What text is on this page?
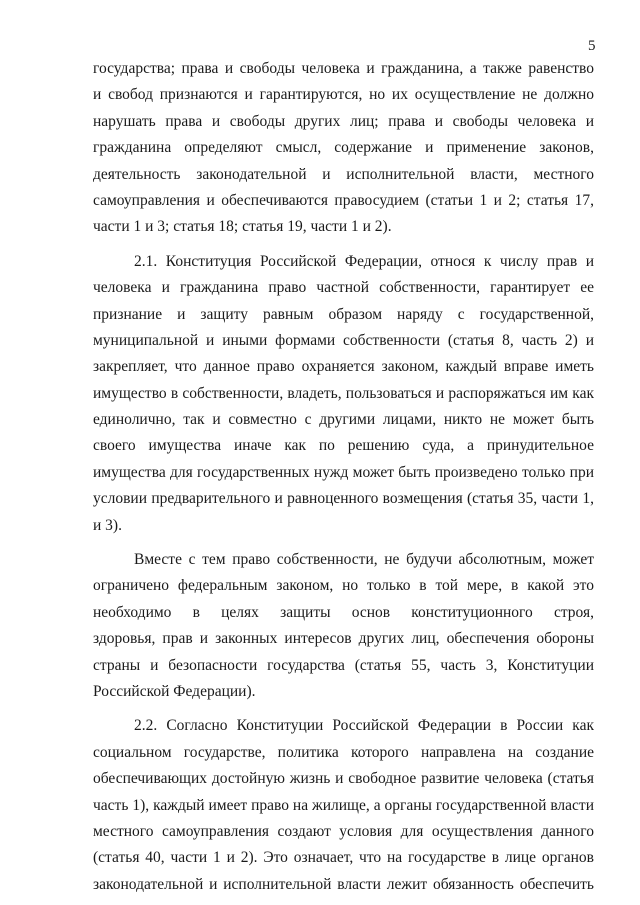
5
государства; права и свободы человека и гражданина, а также равенство
и свобод признаются и гарантируются, но их осуществление не должно
нарушать права и свободы других лиц; права и свободы человека и
гражданина определяют смысл, содержание и применение законов,
деятельность законодательной и исполнительной власти, местного
самоуправления и обеспечиваются правосудием (статьи 1 и 2; статья 17,
части 1 и 3; статья 18; статья 19, части 1 и 2).
2.1. Конституция Российской Федерации, относя к числу прав и
человека и гражданина право частной собственности, гарантирует ее
признание и защиту равным образом наряду с государственной,
муниципальной и иными формами собственности (статья 8, часть 2) и
закрепляет, что данное право охраняется законом, каждый вправе иметь
имущество в собственности, владеть, пользоваться и распоряжаться им как
единолично, так и совместно с другими лицами, никто не может быть
своего имущества иначе как по решению суда, а принудительное
имущества для государственных нужд может быть произведено только при
условии предварительного и равноценного возмещения (статья 35, части 1,
и 3).
Вместе с тем право собственности, не будучи абсолютным, может
ограничено федеральным законом, но только в той мере, в какой это
необходимо в целях защиты основ конституционного строя,
здоровья, прав и законных интересов других лиц, обеспечения обороны
страны и безопасности государства (статья 55, часть 3, Конституции
Российской Федерации).
2.2. Согласно Конституции Российской Федерации в России как
социальном государстве, политика которого направлена на создание
обеспечивающих достойную жизнь и свободное развитие человека (статья
часть 1), каждый имеет право на жилище, а органы государственной власти
местного самоуправления создают условия для осуществления данного
(статья 40, части 1 и 2). Это означает, что на государстве в лице органов
законодательной и исполнительной власти лежит обязанность обеспечить
